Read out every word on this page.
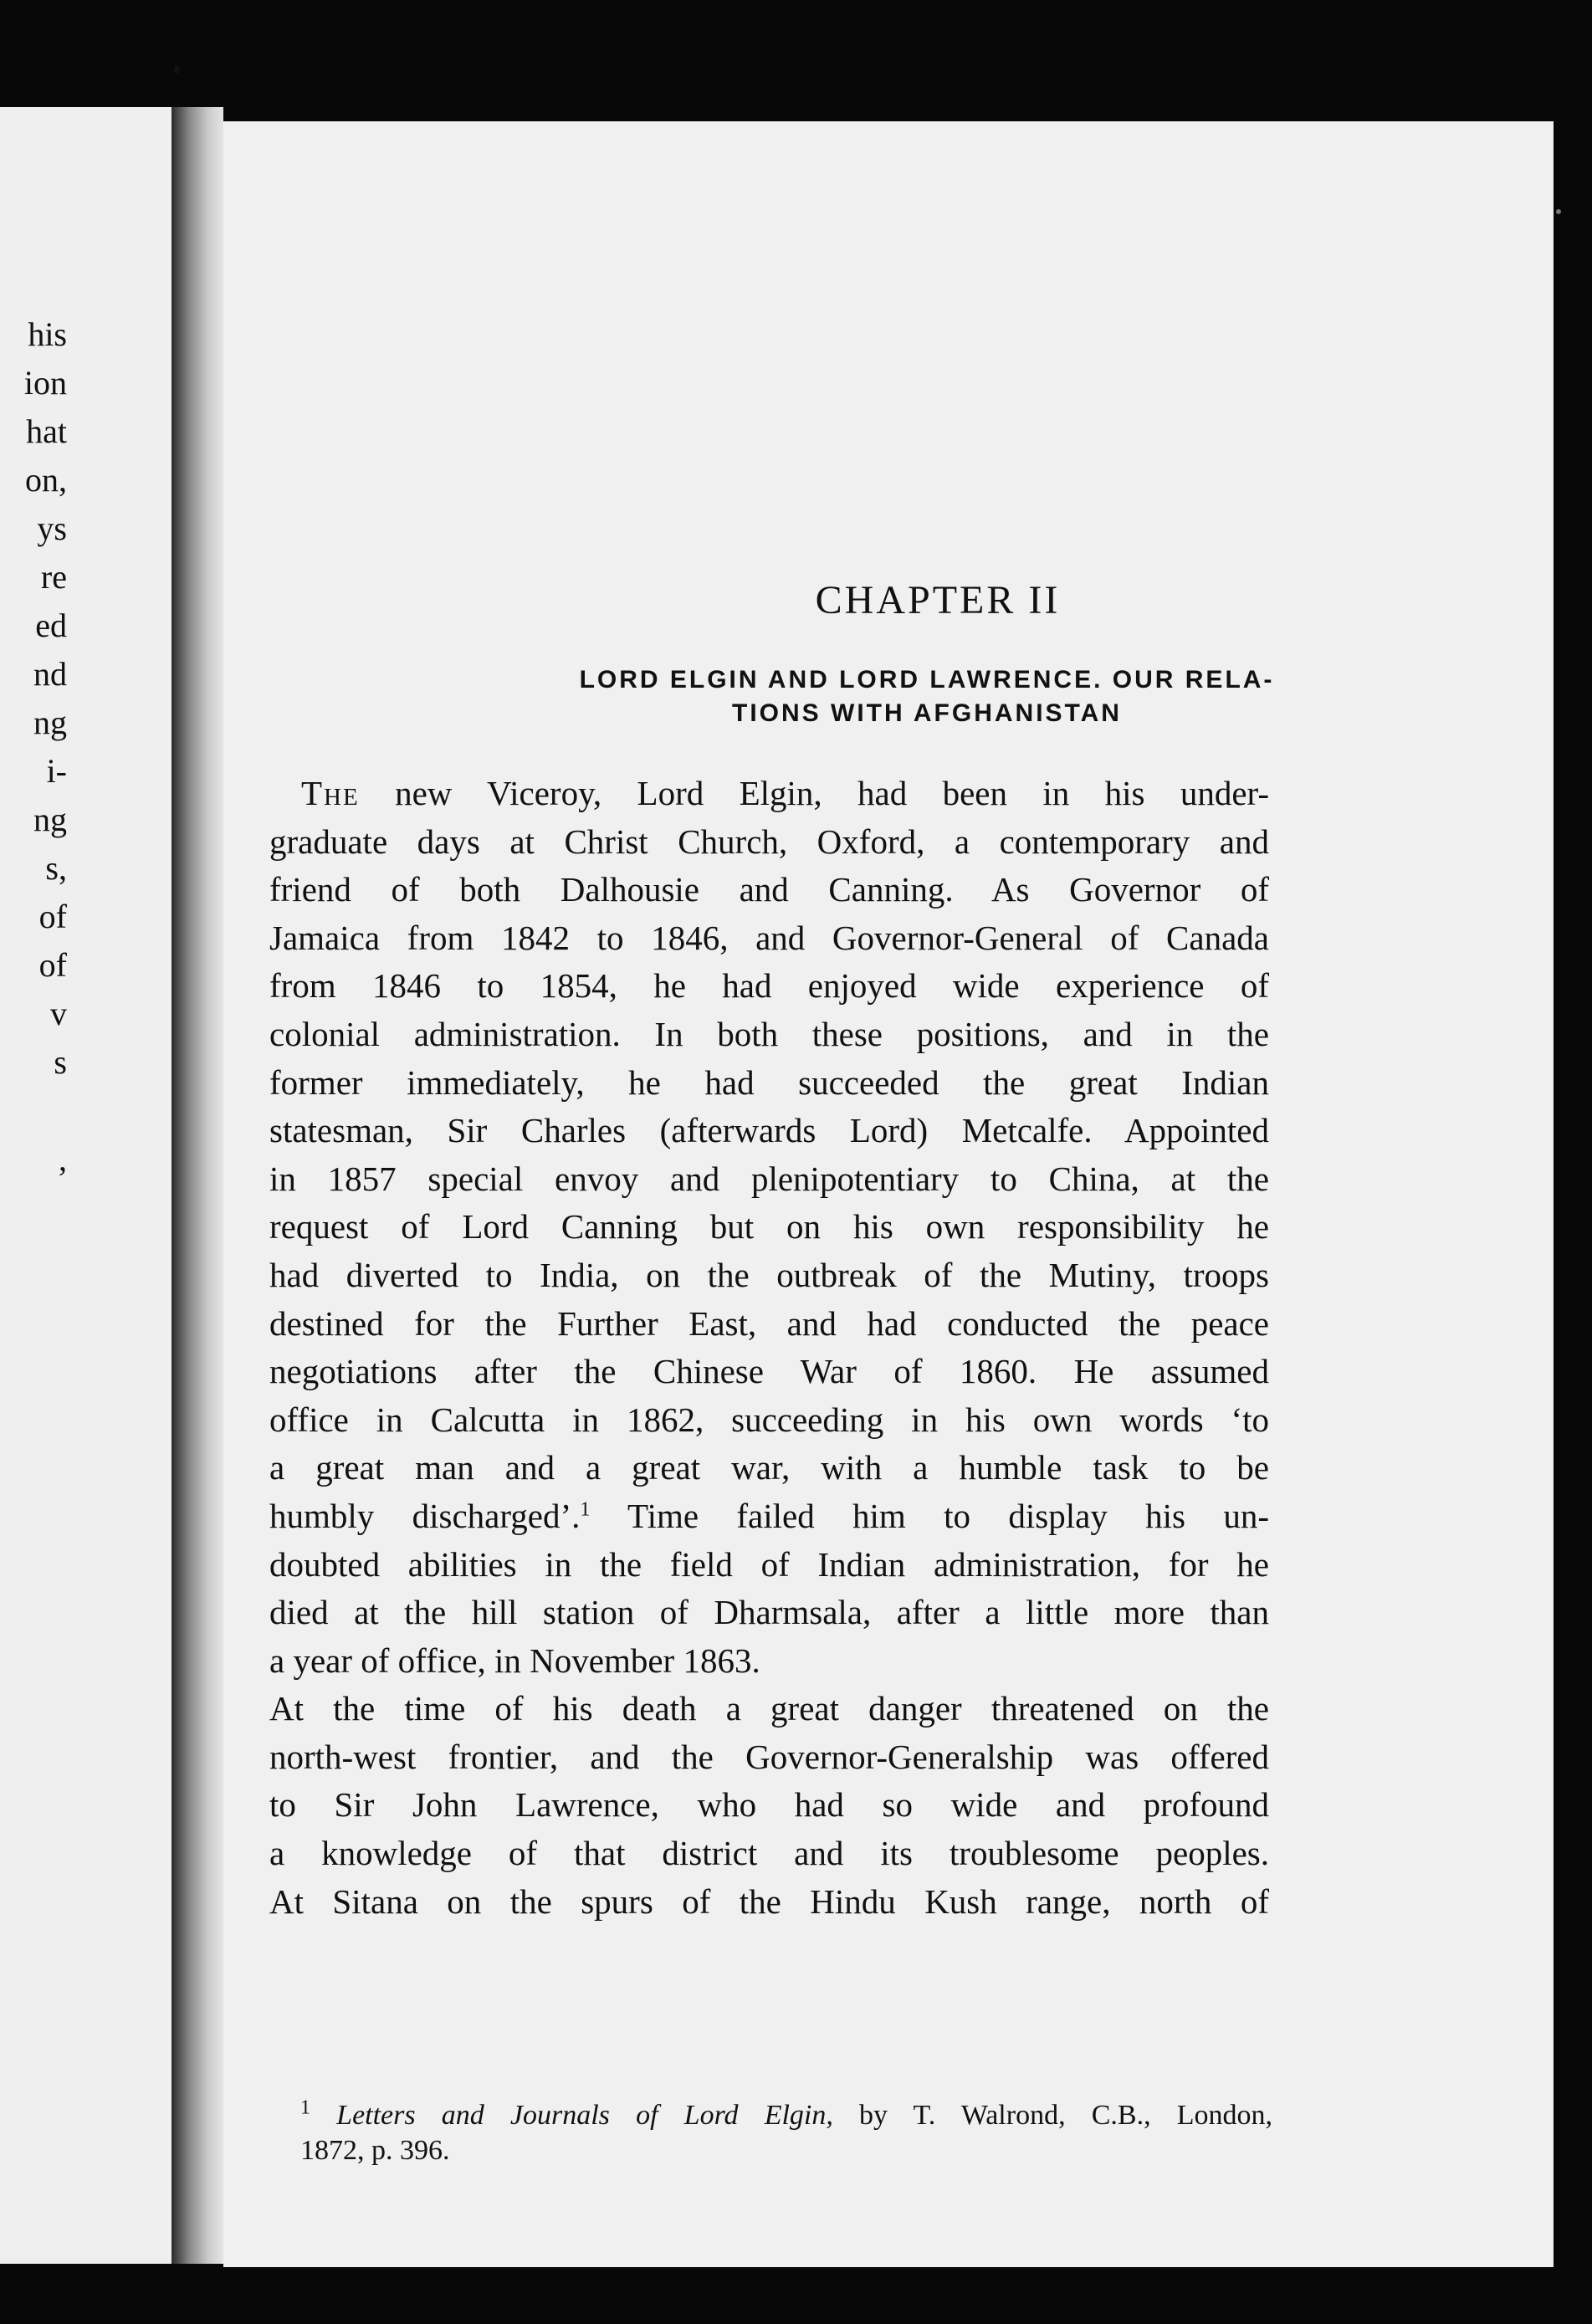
his
ion
hat
on,
ys
re
ed
nd
ng
i-
ng
s,
of
of
v
s

,
CHAPTER II
LORD ELGIN AND LORD LAWRENCE. OUR RELA-
TIONS WITH AFGHANISTAN
The new Viceroy, Lord Elgin, had been in his under-
graduate days at Christ Church, Oxford, a contemporary and
friend of both Dalhousie and Canning. As Governor of
Jamaica from 1842 to 1846, and Governor-General of Canada
from 1846 to 1854, he had enjoyed wide experience of
colonial administration. In both these positions, and in the
former immediately, he had succeeded the great Indian
statesman, Sir Charles (afterwards Lord) Metcalfe. Appointed
in 1857 special envoy and plenipotentiary to China, at the
request of Lord Canning but on his own responsibility he
had diverted to India, on the outbreak of the Mutiny, troops
destined for the Further East, and had conducted the peace
negotiations after the Chinese War of 1860. He assumed
office in Calcutta in 1862, succeeding in his own words ‘to
a great man and a great war, with a humble task to be
humbly discharged’.$^1$ Time failed him to display his un-
doubted abilities in the field of Indian administration, for he
died at the hill station of Dharmsala, after a little more than
a year of office, in November 1863.
At the time of his death a great danger threatened on the
north-west frontier, and the Governor-Generalship was offered
to Sir John Lawrence, who had so wide and profound
a knowledge of that district and its troublesome peoples.
At Sitana on the spurs of the Hindu Kush range, north of
$^1$ Letters and Journals of Lord Elgin, by T. Walrond, C.B., London,
1872, p. 396.
